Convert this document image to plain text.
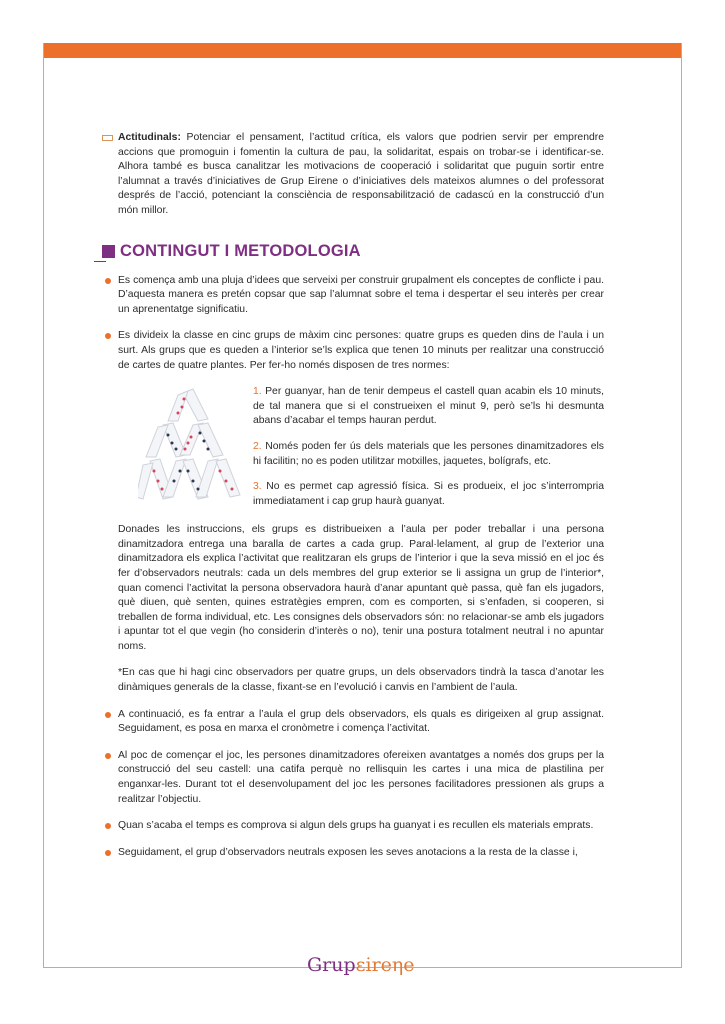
Actitudinals: Potenciar el pensament, l’actitud crítica, els valors que podrien servir per emprendre accions que promoguin i fomentin la cultura de pau, la solidaritat, espais on trobar-se i identificar-se. Alhora també es busca canalitzar les motivacions de cooperació i solidaritat que puguin sortir entre l’alumnat a través d’iniciatives de Grup Eirene o d’iniciatives dels mateixos alumnes o del professorat després de l’acció, potenciant la consciència de responsabilització de cadascú en la construcció d’un món millor.
CONTINGUT I METODOLOGIA
Es comença amb una pluja d’idees que serveixi per construir grupalment els conceptes de conflicte i pau. D’aquesta manera es pretén copsar que sap l’alumnat sobre el tema i despertar el seu interès per crear un aprenentatge significatiu.
Es divideix la classe en cinc grups de màxim cinc persones: quatre grups es queden dins de l’aula i un surt. Als grups que es queden a l’interior se’ls explica que tenen 10 minuts per realitzar una construcció de cartes de quatre plantes. Per fer-ho només disposen de tres normes:
1. Per guanyar, han de tenir dempeus el castell quan acabin els 10 minuts, de tal manera que si el construeixen el minut 9, però se’ls hi desmunta abans d’acabar el temps hauran perdut.
2. Només poden fer ús dels materials que les persones dinamitzadores els hi facilitin; no es poden utilitzar motxilles, jaquetes, bolígrafs, etc.
3. No es permet cap agressió física. Si es produeix, el joc s’interrompria immediatament i cap grup haurà guanyat.
Donades les instruccions, els grups es distribueixen a l’aula per poder treballar i una persona dinamitzadora entrega una baralla de cartes a cada grup. Paral·lelament, al grup de l’exterior una dinamitzadora els explica l’activitat que realitzaran els grups de l’interior i que la seva missió en el joc és fer d’observadors neutrals: cada un dels membres del grup exterior se li assigna un grup de l’interior*, quan comenci l’activitat la persona observadora haurà d’anar apuntant què passa, què fan els jugadors, què diuen, què senten, quines estratègies empren, com es comporten, si s’enfaden, si cooperen, si treballen de forma individual, etc. Les consignes dels observadors són: no relacionar-se amb els jugadors i apuntar tot el que vegin (ho considerin d’interès o no), tenir una postura totalment neutral i no apuntar noms.
*En cas que hi hagi cinc observadors per quatre grups, un dels observadors tindrà la tasca d’anotar les dinàmiques generals de la classe, fixant-se en l’evolució i canvis en l’ambient de l’aula.
A continuació, es fa entrar a l’aula el grup dels observadors, els quals es dirigeixen al grup assignat. Seguidament, es posa en marxa el cronòmetre i comença l’activitat.
Al poc de començar el joc, les persones dinamitzadores ofereixen avantatges a només dos grups per la construcció del seu castell: una catifa perquè no rellisquin les cartes i una mica de plastilina per enganxar-les. Durant tot el desenvolupament del joc les persones facilitadores pressionen als grups a realitzar l’objectiu.
Quan s’acaba el temps es comprova si algun dels grups ha guanyat i es recullen els materials emprats.
Seguidament, el grup d’observadors neutrals exposen les seves anotacions a la resta de la classe i,
Grupεireηe
